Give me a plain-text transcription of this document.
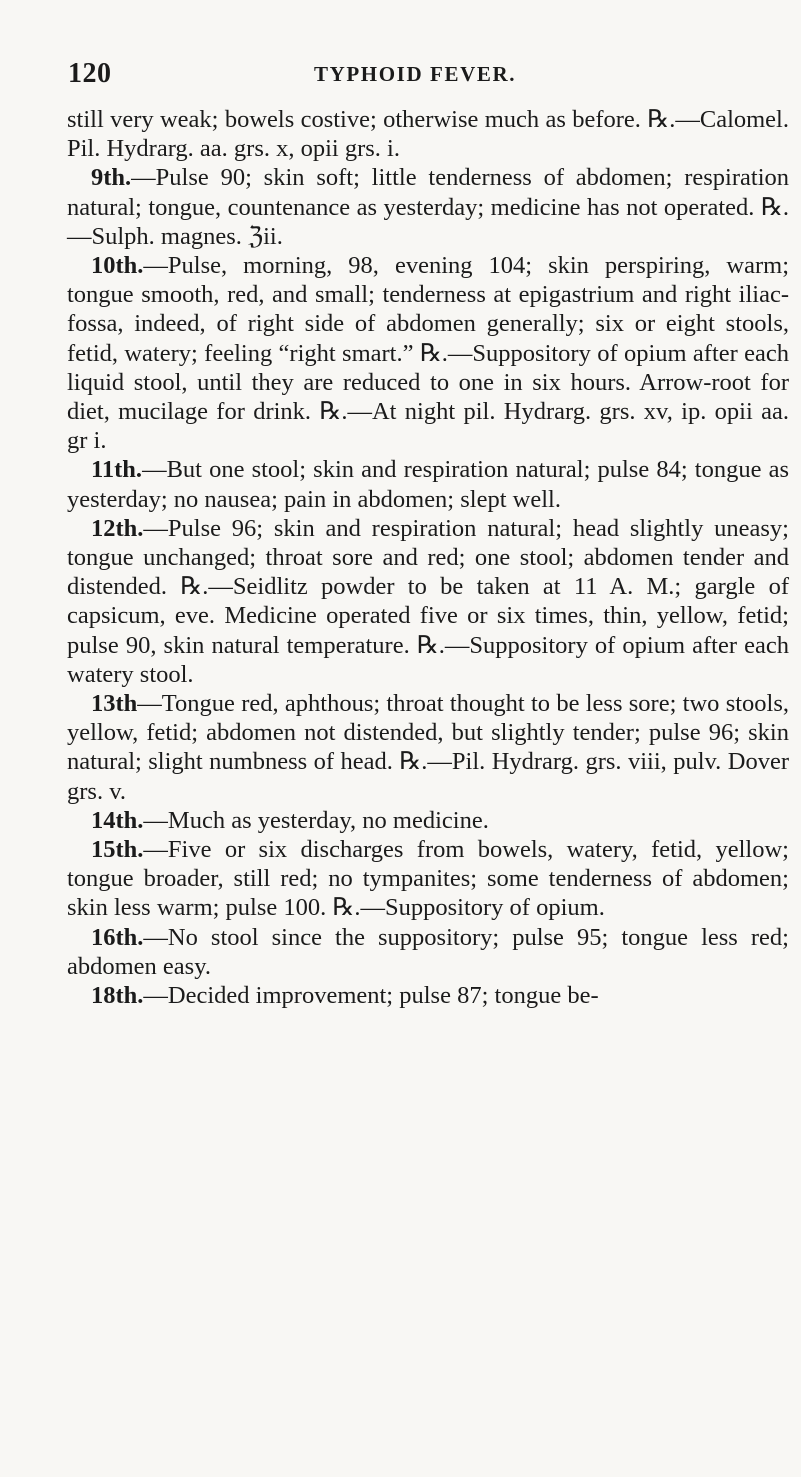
120	TYPHOID FEVER.

still very weak; bowels costive; otherwise much as before. ℞.—Calomel. Pil. Hydrarg. aa. grs. x, opii grs. i.

9th.—Pulse 90; skin soft; little tenderness of abdomen; respiration natural; tongue, countenance as yesterday; medicine has not operated. ℞.—Sulph. magnes. ℨii.

10th.—Pulse, morning, 98, evening 104; skin perspiring, warm; tongue smooth, red, and small; tenderness at epigastrium and right iliac-fossa, indeed, of right side of abdomen generally; six or eight stools, fetid, watery; feeling “right smart.” ℞.—Suppository of opium after each liquid stool, until they are reduced to one in six hours. Arrow-root for diet, mucilage for drink. ℞.—At night pil. Hydrarg. grs. xv, ip. opii aa. gr i.

11th.—But one stool; skin and respiration natural; pulse 84; tongue as yesterday; no nausea; pain in abdomen; slept well.

12th.—Pulse 96; skin and respiration natural; head slightly uneasy; tongue unchanged; throat sore and red; one stool; abdomen tender and distended. ℞.—Seidlitz powder to be taken at 11 A. M.; gargle of capsicum, eve. Medicine operated five or six times, thin, yellow, fetid; pulse 90, skin natural temperature. ℞.—Suppository of opium after each watery stool.

13th—Tongue red, aphthous; throat thought to be less sore; two stools, yellow, fetid; abdomen not distended, but slightly tender; pulse 96; skin natural; slight numbness of head. ℞.—Pil. Hydrarg. grs. viii, pulv. Dover grs. v.

14th.—Much as yesterday, no medicine.

15th.—Five or six discharges from bowels, watery, fetid, yellow; tongue broader, still red; no tympanites; some tenderness of abdomen; skin less warm; pulse 100. ℞.—Suppository of opium.

16th.—No stool since the suppository; pulse 95; tongue less red; abdomen easy.

18th.—Decided improvement; pulse 87; tongue be-
